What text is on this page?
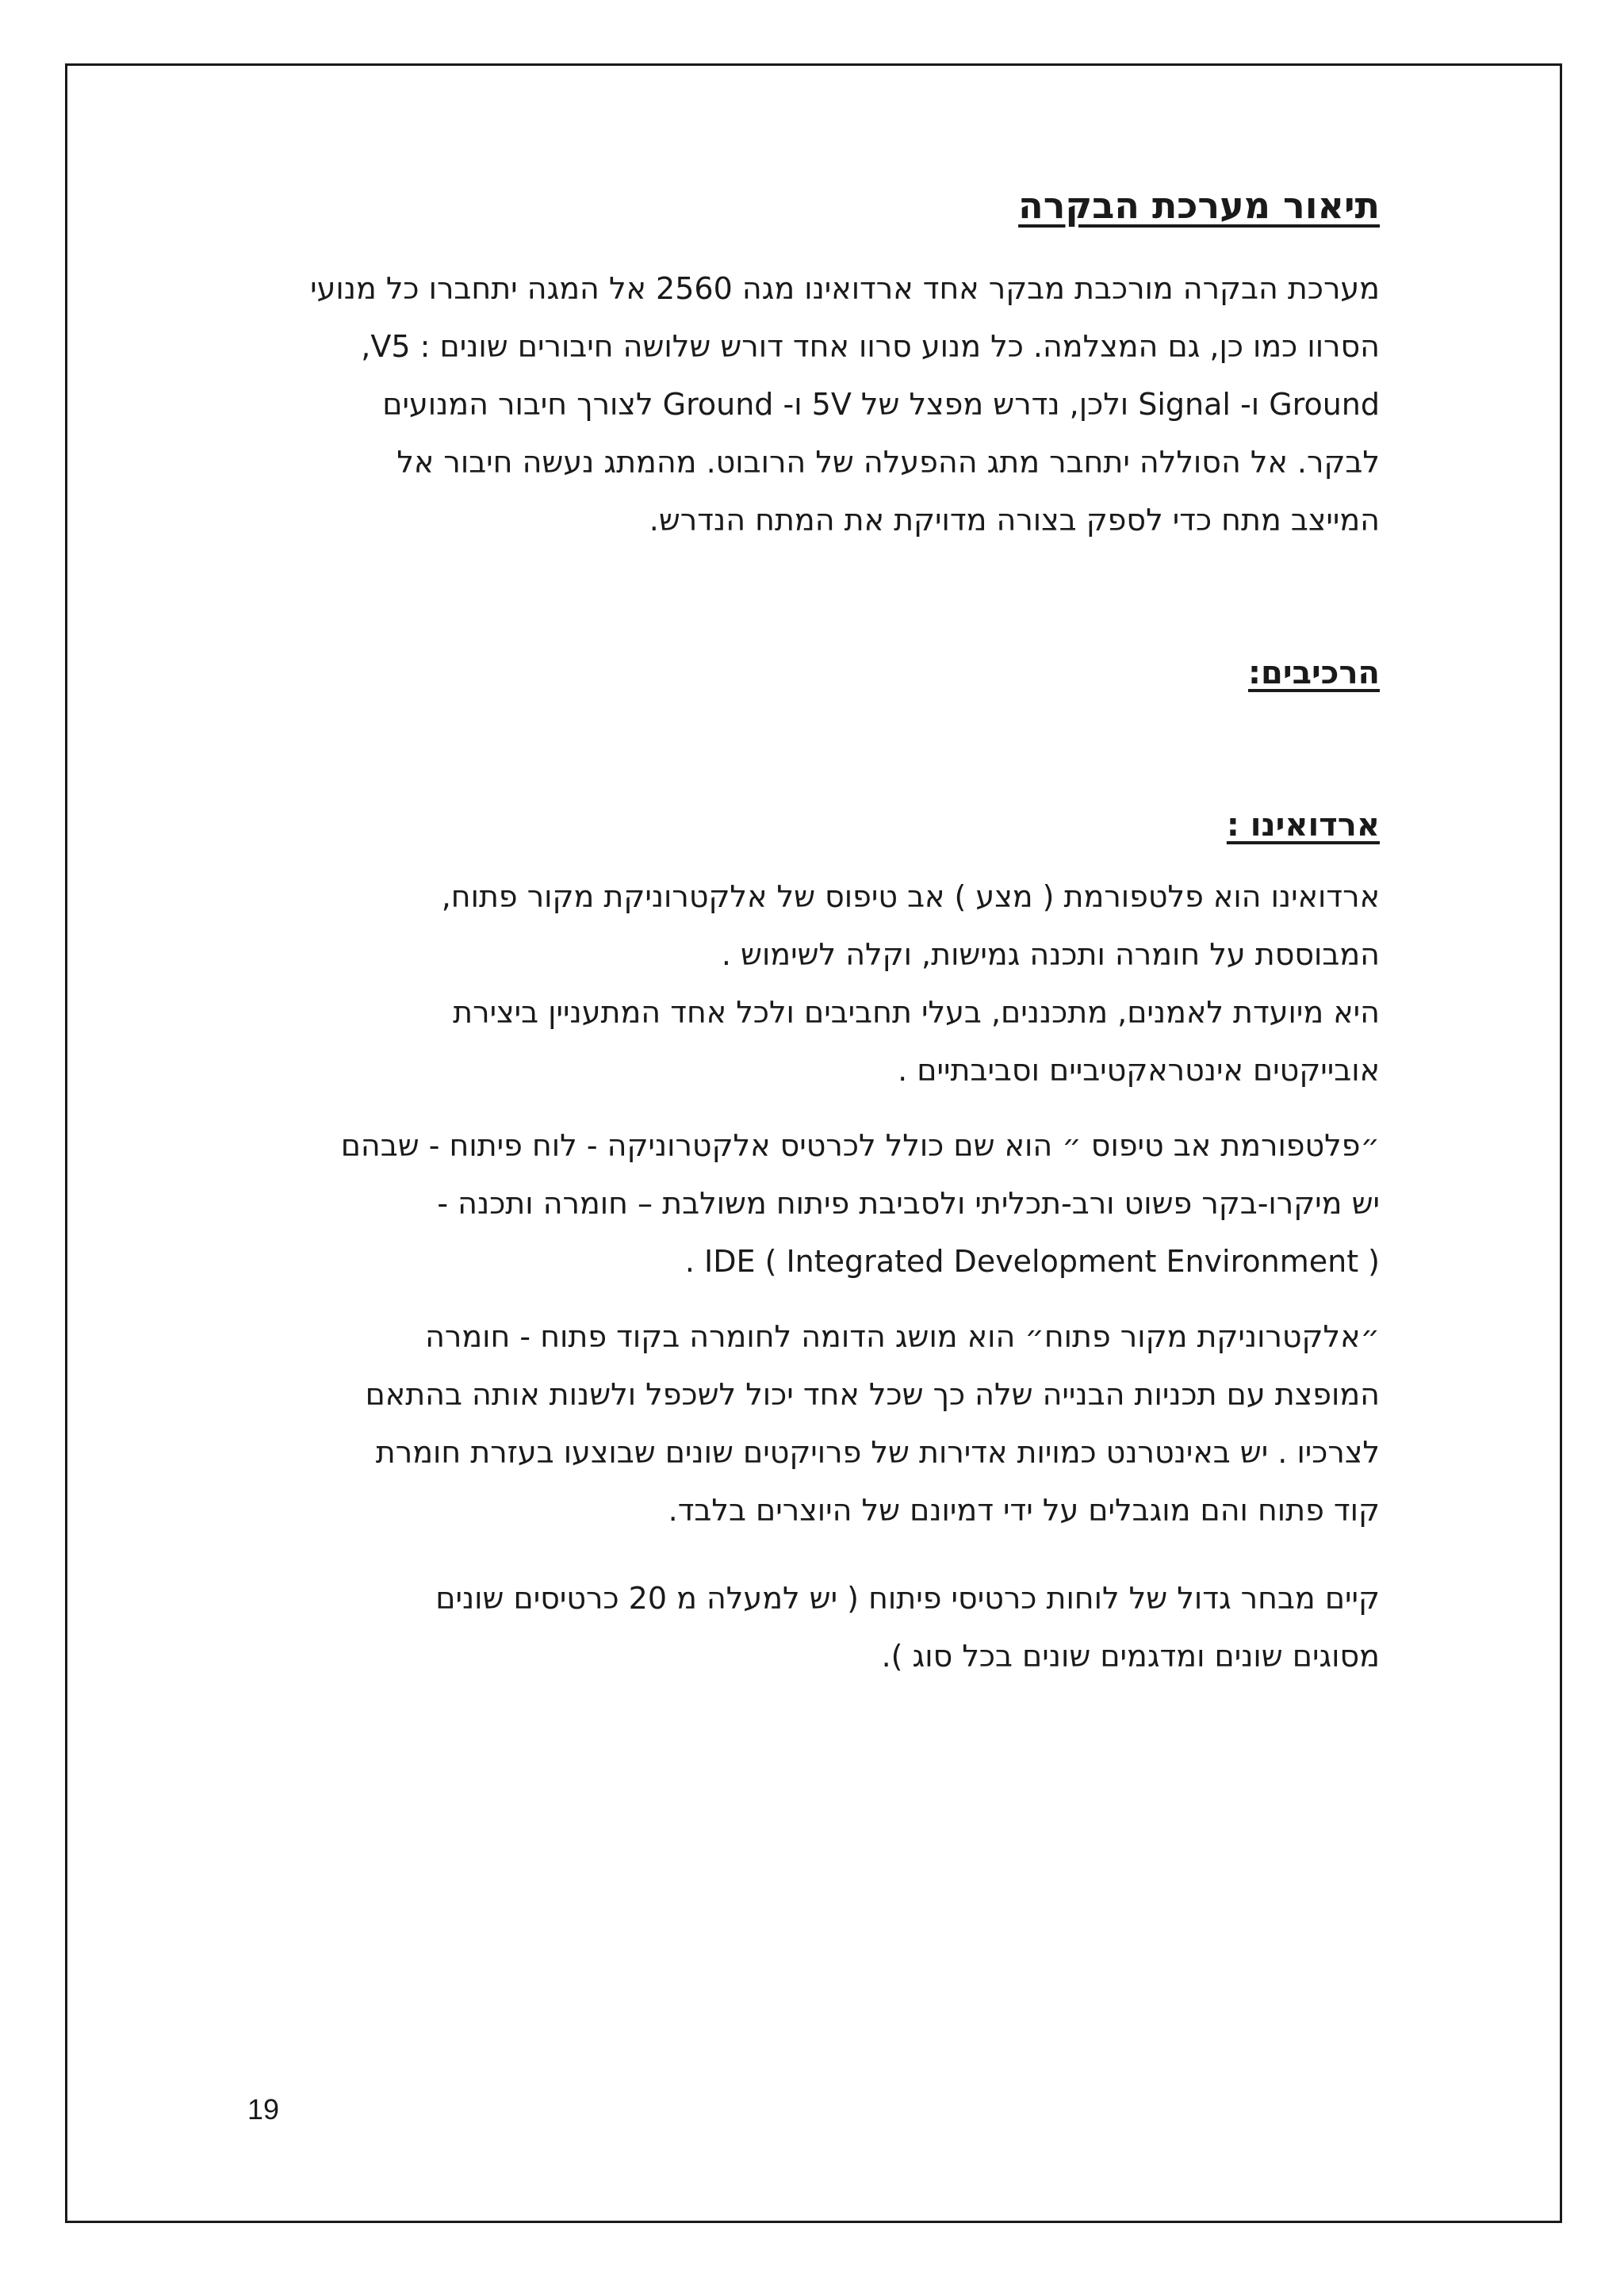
תיאור מערכת הבקרה

מערכת הבקרה מורכבת מבקר אחד ארדואינו מגה 2560 אל המגה יתחברו כל מנועי

הסרוו כמו כן, גם המצלמה. כל מנוע סרוו אחד דורש שלושה חיבורים שונים : V5,

Ground ו- Signal ולכן, נדרש מפצל של 5V ו- Ground לצורך חיבור המנועים

לבקר. אל הסוללה יתחבר מתג ההפעלה של הרובוט. מהמתג נעשה חיבור אל

המייצב מתח כדי לספק בצורה מדויקת את המתח הנדרש.

הרכיבים:
ארדואינו :

ארדואינו הוא פלטפורמת ( מצע ) אב טיפוס של אלקטרוניקת מקור פתוח,

המבוססת על חומרה ותכנה גמישות, וקלה לשימוש .

היא מיועדת לאמנים, מתכננים, בעלי תחביבים ולכל אחד המתעניין ביצירת

אובייקטים אינטראקטיביים וסביבתיים .

״פלטפורמת אב טיפוס ״ הוא שם כולל לכרטיס אלקטרוניקה - לוח פיתוח - שבהם

יש מיקרו-בקר פשוט ורב-תכליתי ולסביבת פיתוח משולבת – חומרה ותכנה -

IDE ( Integrated Development Environment ) .

״אלקטרוניקת מקור פתוח״ הוא מושג הדומה לחומרה בקוד פתוח - חומרה

המופצת עם תכניות הבנייה שלה כך שכל אחד יכול לשכפל ולשנות אותה בהתאם

לצרכיו . יש באינטרנט כמויות אדירות של פרויקטים שונים שבוצעו בעזרת חומרת

קוד פתוח והם מוגבלים על ידי דמיונם של היוצרים בלבד.

קיים מבחר גדול של לוחות כרטיסי פיתוח ( יש למעלה מ 20 כרטיסים שונים

מסוגים שונים ומדגמים שונים בכל סוג ).

19
